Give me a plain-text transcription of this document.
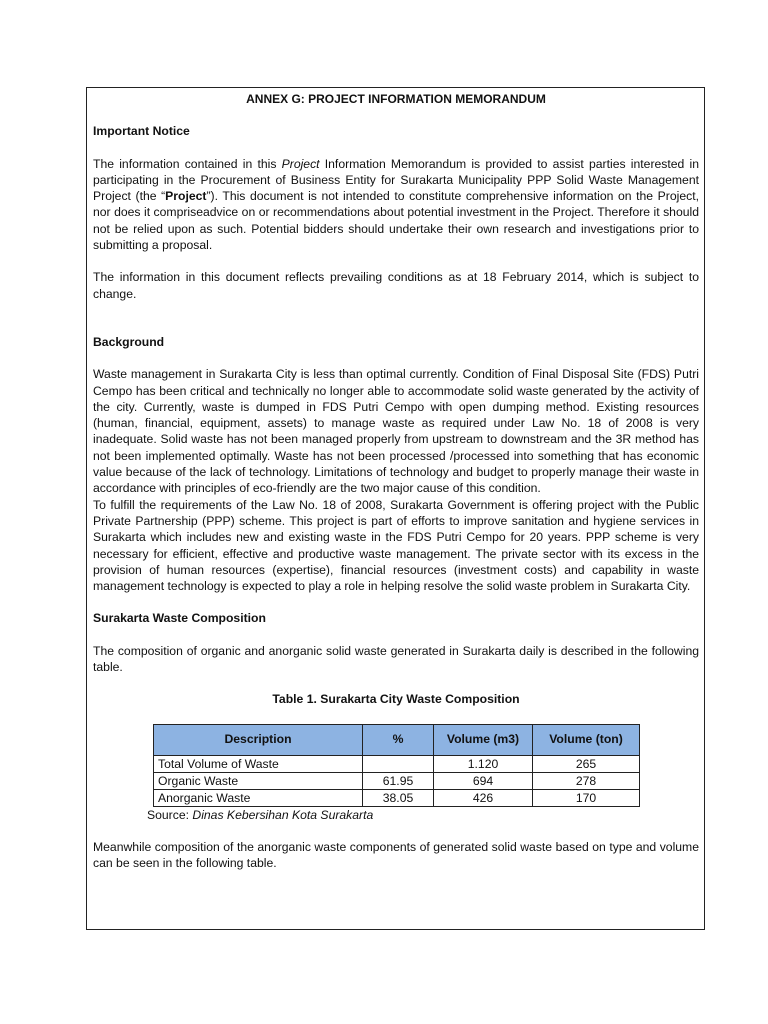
ANNEX G: PROJECT INFORMATION MEMORANDUM
Important Notice

The information contained in this Project Information Memorandum is provided to assist parties interested in participating in the Procurement of Business Entity for Surakarta Municipality PPP Solid Waste Management Project (the “Project”). This document is not intended to constitute comprehensive information on the Project, nor does it compriseadvice on or recommendations about potential investment in the Project. Therefore it should not be relied upon as such. Potential bidders should undertake their own research and investigations prior to submitting a proposal.

The information in this document reflects prevailing conditions as at 18 February 2014, which is subject to change.

Background

Waste management in Surakarta City is less than optimal currently. Condition of Final Disposal Site (FDS) Putri Cempo has been critical and technically no longer able to accommodate solid waste generated by the activity of the city. Currently, waste is dumped in FDS Putri Cempo with open dumping method. Existing resources (human, financial, equipment, assets) to manage waste as required under Law No. 18 of 2008 is very inadequate. Solid waste has not been managed properly from upstream to downstream and the 3R method has not been implemented optimally. Waste has not been processed /processed into something that has economic value because of the lack of technology. Limitations of technology and budget to properly manage their waste in accordance with principles of eco-friendly are the two major cause of this condition.

To fulfill the requirements of the Law No. 18 of 2008, Surakarta Government is offering project with the Public Private Partnership (PPP) scheme. This project is part of efforts to improve sanitation and hygiene services in Surakarta which includes new and existing waste in the FDS Putri Cempo for 20 years. PPP scheme is very necessary for efficient, effective and productive waste management. The private sector with its excess in the provision of human resources (expertise), financial resources (investment costs) and capability in waste management technology is expected to play a role in helping resolve the solid waste problem in Surakarta City.

Surakarta Waste Composition

The composition of organic and anorganic solid waste generated in Surakarta daily is described in the following table.

Table 1. Surakarta City Waste Composition
Description	%	Volume (m3)	Volume (ton)
Total Volume of Waste		1.120	265
Organic Waste	61.95	694	278
Anorganic Waste	38.05	426	170
Source: Dinas Kebersihan Kota Surakarta

Meanwhile composition of the anorganic waste components of generated solid waste based on type and volume can be seen in the following table.
